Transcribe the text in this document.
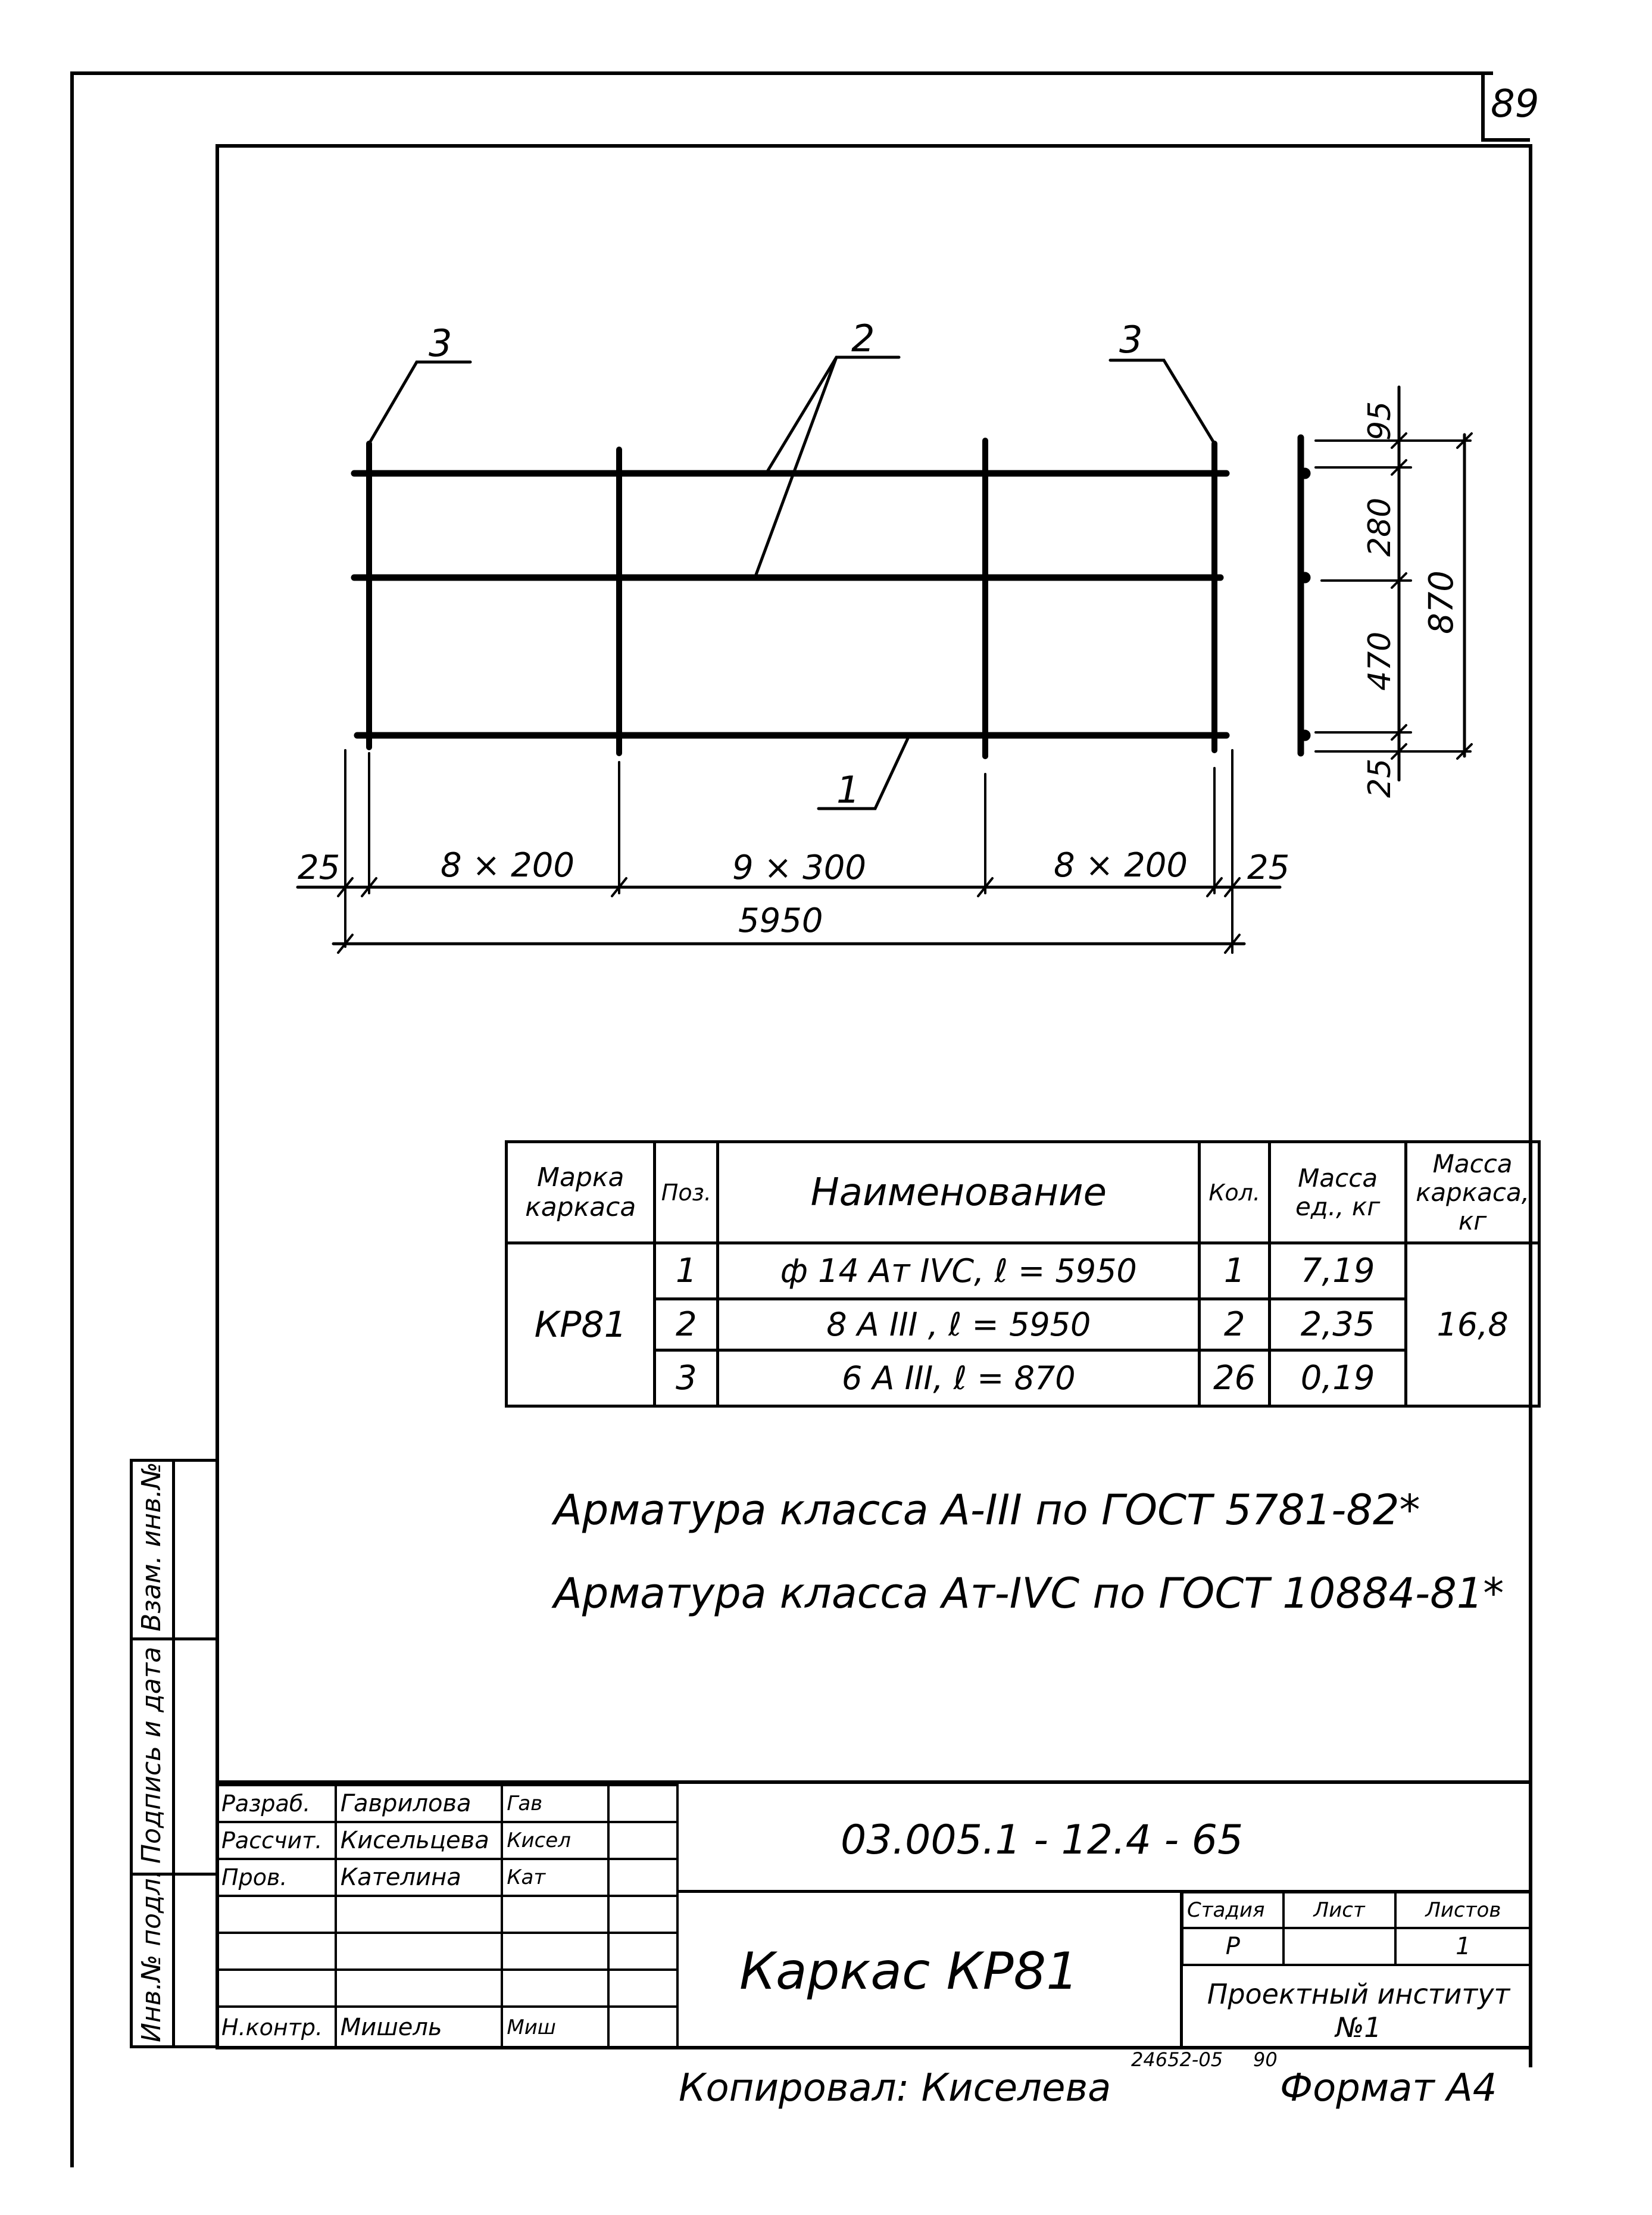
89
3	2	3
1
25	8 × 200	9 × 300	8 × 200 25
5950
95
280
470
25
870
Марка каркаса	Поз.	Наименование	Кол.	Масса ед., кг	Масса каркаса, кг
КР81	1	ф 14 Ат IVC, ℓ = 5950	1	7,19	16,8
	2	8 А III , ℓ = 5950	2	2,35	
	3	6 А III, ℓ = 870	26	0,19	
Арматура класса А-III по ГОСТ 5781-82*
Арматура класса Ат-IVC по ГОСТ 10884-81*
Взам. инв.№
Подпись и дата
Инв.№ подл.
Разраб.	Гаврилова	Гав	
Рассчит.	Кисельцева	Кисел	
Пров.	Кателина	Кат	

Н.контр.	Мишель	Миш	
03.005.1 - 12.4 - 65
Каркас КР81
Стадия	Лист	Листов
Р		1
Проектный институт №1
Копировал: Киселева
24652-05 90
Формат А4
